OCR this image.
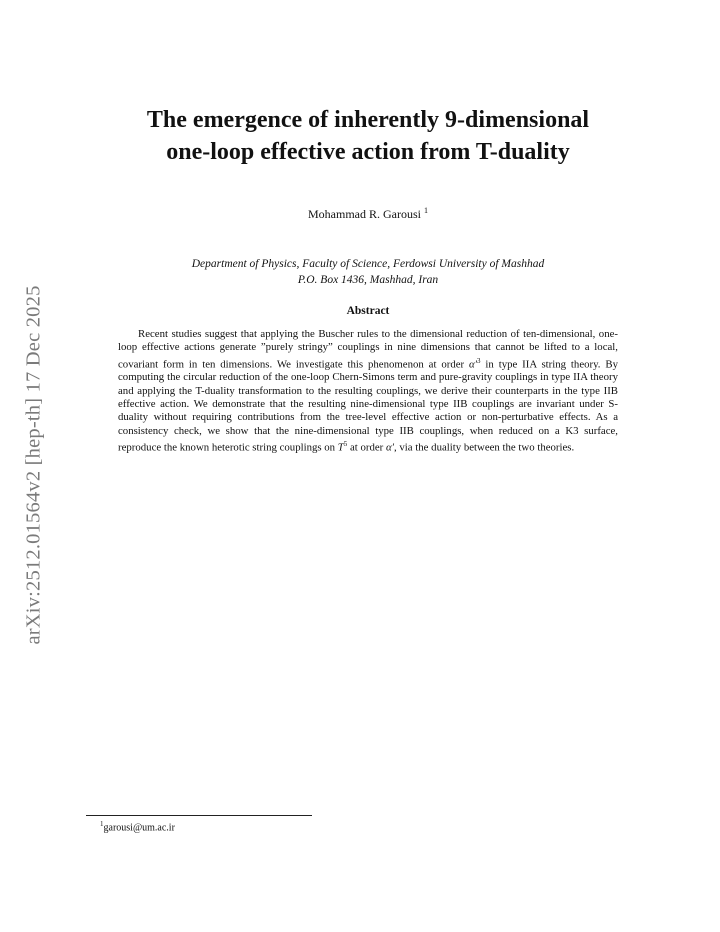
arXiv:2512.01564v2 [hep-th] 17 Dec 2025
The emergence of inherently 9-dimensional
one-loop effective action from T-duality
Mohammad R. Garousi $^1$
Department of Physics, Faculty of Science, Ferdowsi University of Mashhad
P.O. Box 1436, Mashhad, Iran
Abstract

Recent studies suggest that applying the Buscher rules to the dimensional reduction of ten-dimensional, one-loop effective actions generate ”purely stringy” couplings in nine dimensions that cannot be lifted to a local, covariant form in ten dimensions. We investigate this phenomenon at order $\alpha'^3$ in type IIA string theory. By computing the circular reduction of the one-loop Chern-Simons term and pure-gravity couplings in type IIA theory and applying the T-duality transformation to the resulting couplings, we derive their counterparts in the type IIB effective action. We demonstrate that the resulting nine-dimensional type IIB couplings are invariant under S-duality without requiring contributions from the tree-level effective action or non-perturbative effects. As a consistency check, we show that the nine-dimensional type IIB couplings, when reduced on a K3 surface, reproduce the known heterotic string couplings on $T^5$ at order α′, via the duality between the two theories.

$^1$garousi@um.ac.ir
